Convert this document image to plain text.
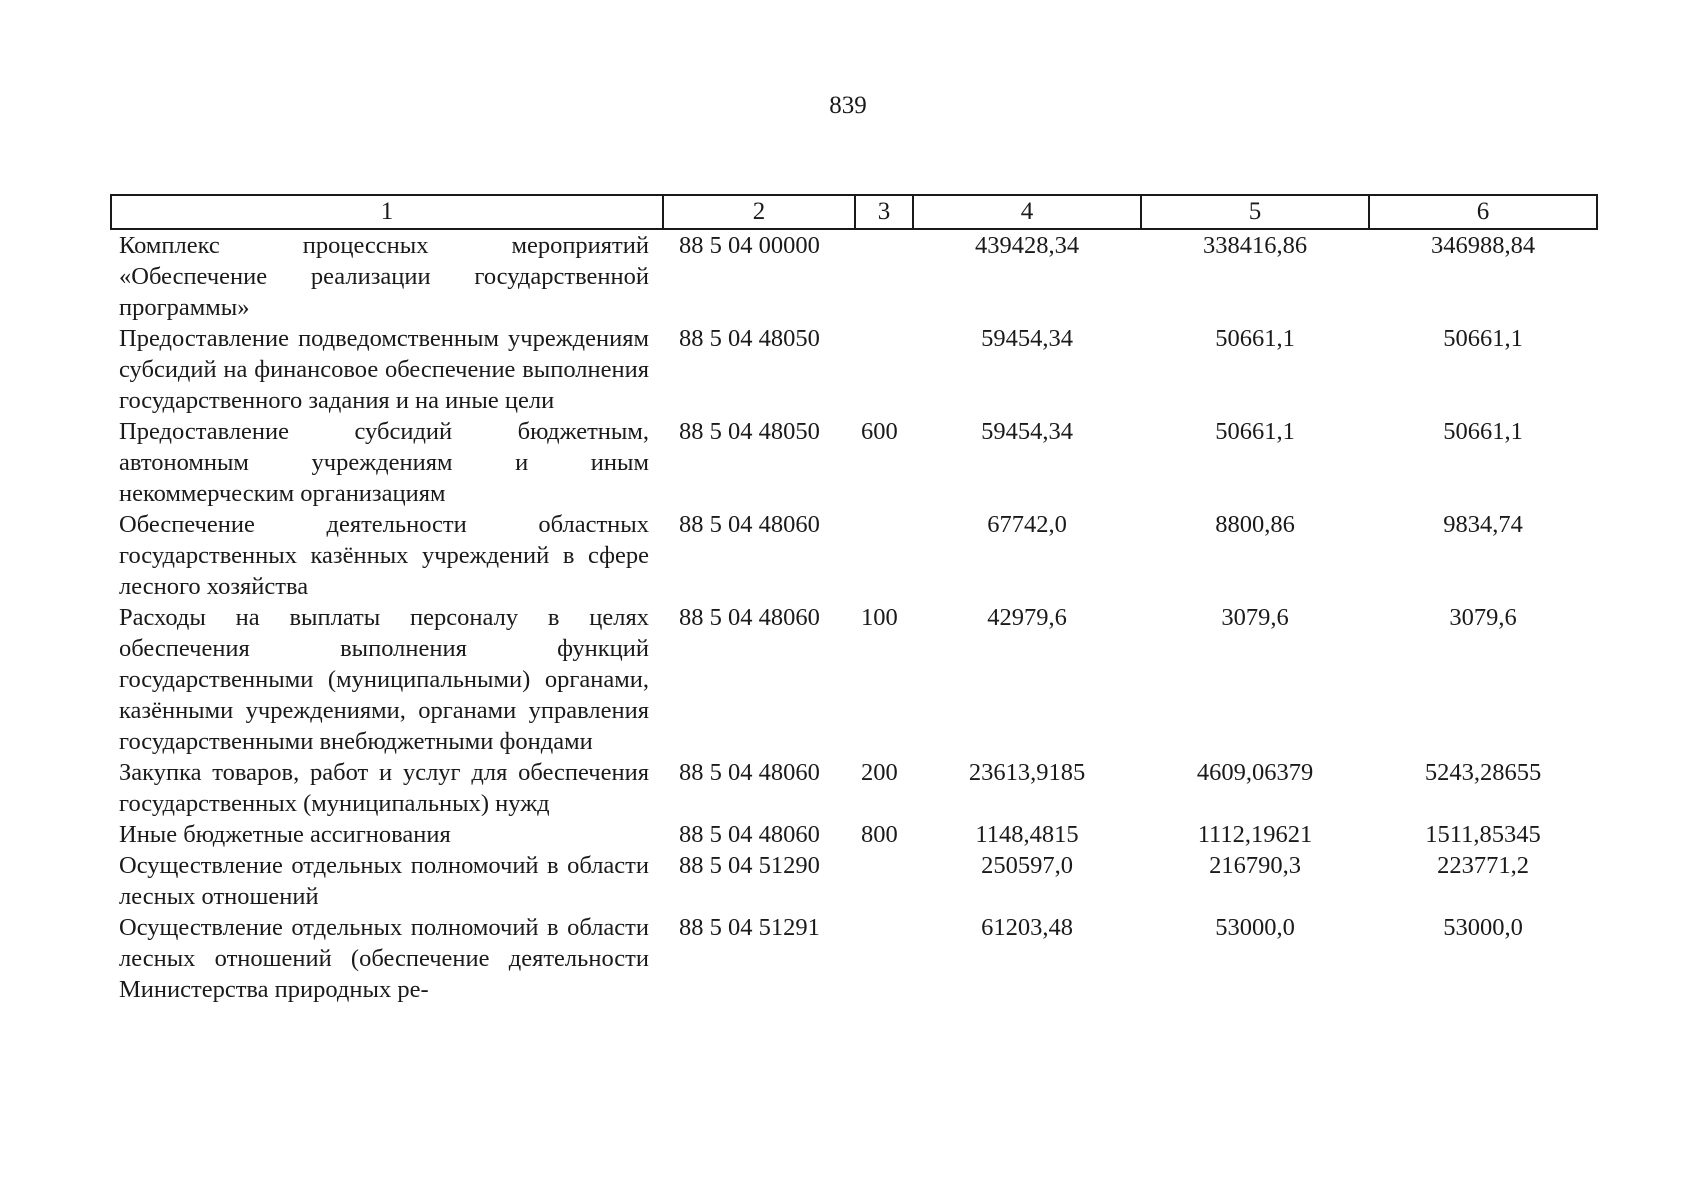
839
1	2	3	4	5	6
Комплекс процессных мероприятий «Обеспечение реализации государственной программы»	88 5 04 00000		439428,34	338416,86	346988,84
Предоставление подведомственным учреждениям субсидий на финансовое обеспечение выполнения государственного задания и на иные цели	88 5 04 48050		59454,34	50661,1	50661,1
Предоставление субсидий бюджетным, автономным учреждениям и иным некоммерческим организациям	88 5 04 48050	600	59454,34	50661,1	50661,1
Обеспечение деятельности областных государственных казённых учреждений в сфере лесного хозяйства	88 5 04 48060		67742,0	8800,86	9834,74
Расходы на выплаты персоналу в целях обеспечения выполнения функций государственными (муниципальными) органами, казёнными учреждениями, органами управления государственными внебюджетными фондами	88 5 04 48060	100	42979,6	3079,6	3079,6
Закупка товаров, работ и услуг для обеспечения государственных (муниципальных) нужд	88 5 04 48060	200	23613,9185	4609,06379	5243,28655
Иные бюджетные ассигнования	88 5 04 48060	800	1148,4815	1112,19621	1511,85345
Осуществление отдельных полномочий в области лесных отношений	88 5 04 51290		250597,0	216790,3	223771,2
Осуществление отдельных полномочий в области лесных отношений (обеспечение деятельности Министерства природных ре-	88 5 04 51291		61203,48	53000,0	53000,0
